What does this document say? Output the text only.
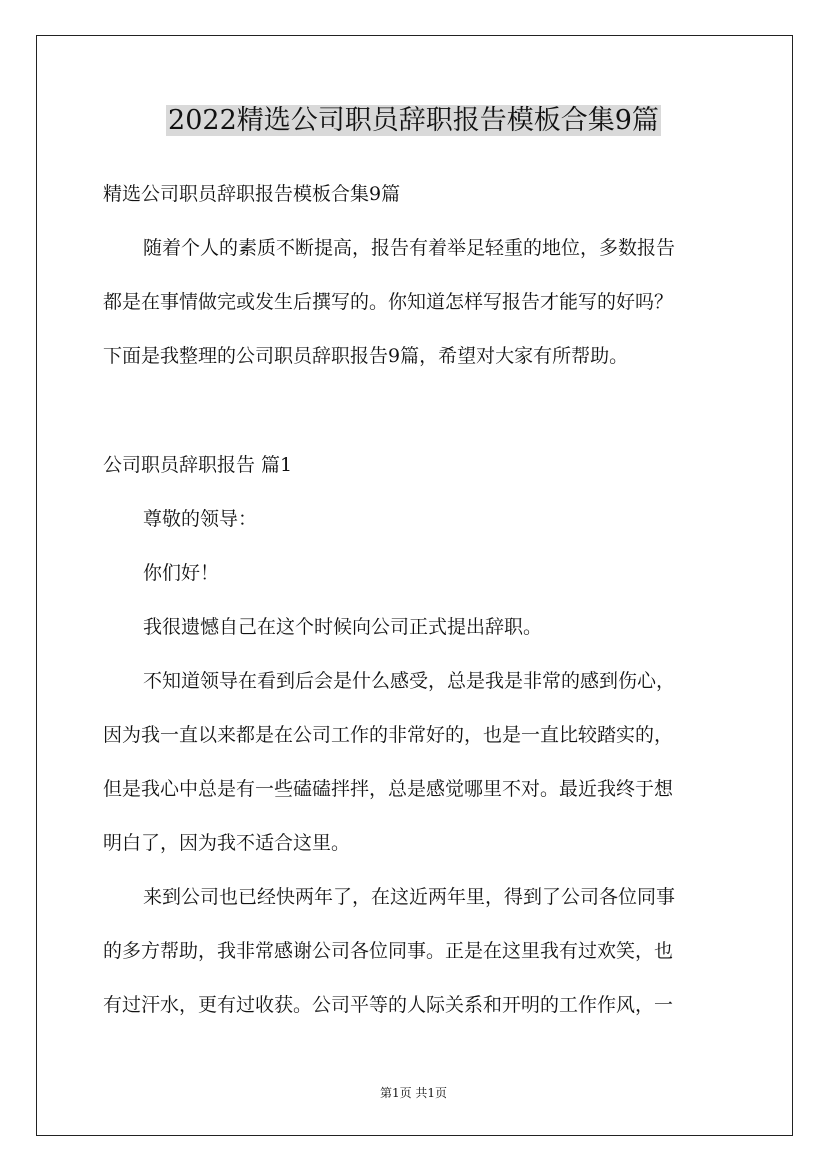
2022精选公司职员辞职报告模板合集9篇
精选公司职员辞职报告模板合集9篇
随着个人的素质不断提高，报告有着举足轻重的地位，多数报告
都是在事情做完或发生后撰写的。你知道怎样写报告才能写的好吗？
下面是我整理的公司职员辞职报告9篇，希望对大家有所帮助。
公司职员辞职报告 篇1
尊敬的领导：
你们好！
我很遗憾自己在这个时候向公司正式提出辞职。
不知道领导在看到后会是什么感受，总是我是非常的感到伤心，
因为我一直以来都是在公司工作的非常好的，也是一直比较踏实的，
但是我心中总是有一些磕磕拌拌，总是感觉哪里不对。最近我终于想
明白了，因为我不适合这里。
来到公司也已经快两年了，在这近两年里，得到了公司各位同事
的多方帮助，我非常感谢公司各位同事。正是在这里我有过欢笑，也
有过汗水，更有过收获。公司平等的人际关系和开明的工作作风，一
第1页 共1页
